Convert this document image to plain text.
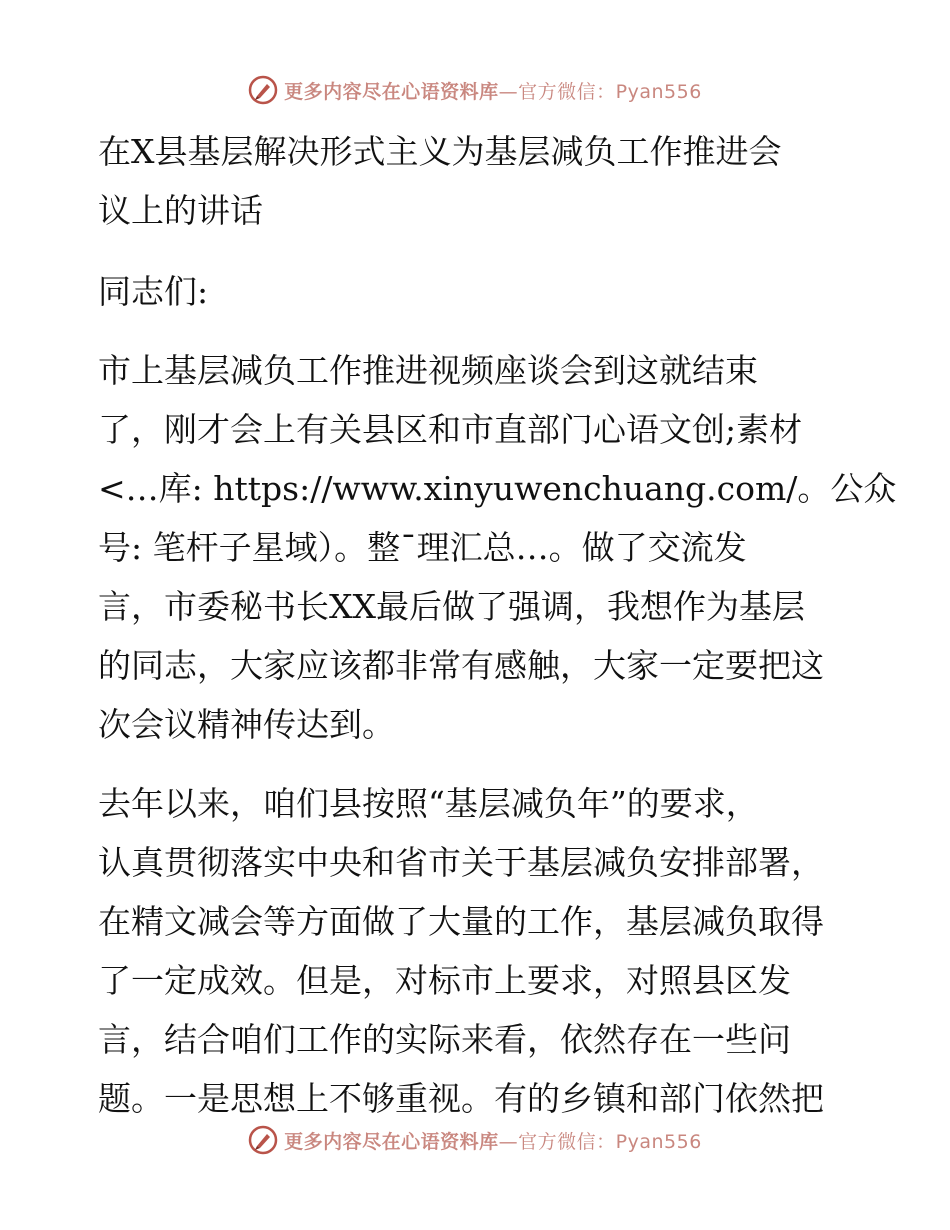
更多内容尽在心语资料库—官方微信：Pyan556
在X县基层解决形式主义为基层减负工作推进会
议上的讲话
同志们:
市上基层减负工作推进视频座谈会到这就结束
了，刚才会上有关县区和市直部门心语文创;素材
<…库: https://www.xinyuwenchuang.com/。公众
号: 笔杆子星域）。整¯理汇总…。做了交流发
言，市委秘书长XX最后做了强调，我想作为基层
的同志，大家应该都非常有感触，大家一定要把这
次会议精神传达到。
去年以来，咱们县按照“基层减负年”的要求，
认真贯彻落实中央和省市关于基层减负安排部署，
在精文减会等方面做了大量的工作，基层减负取得
了一定成效。但是，对标市上要求，对照县区发
言，结合咱们工作的实际来看，依然存在一些问
题。一是思想上不够重视。有的乡镇和部门依然把
更多内容尽在心语资料库—官方微信：Pyan556
